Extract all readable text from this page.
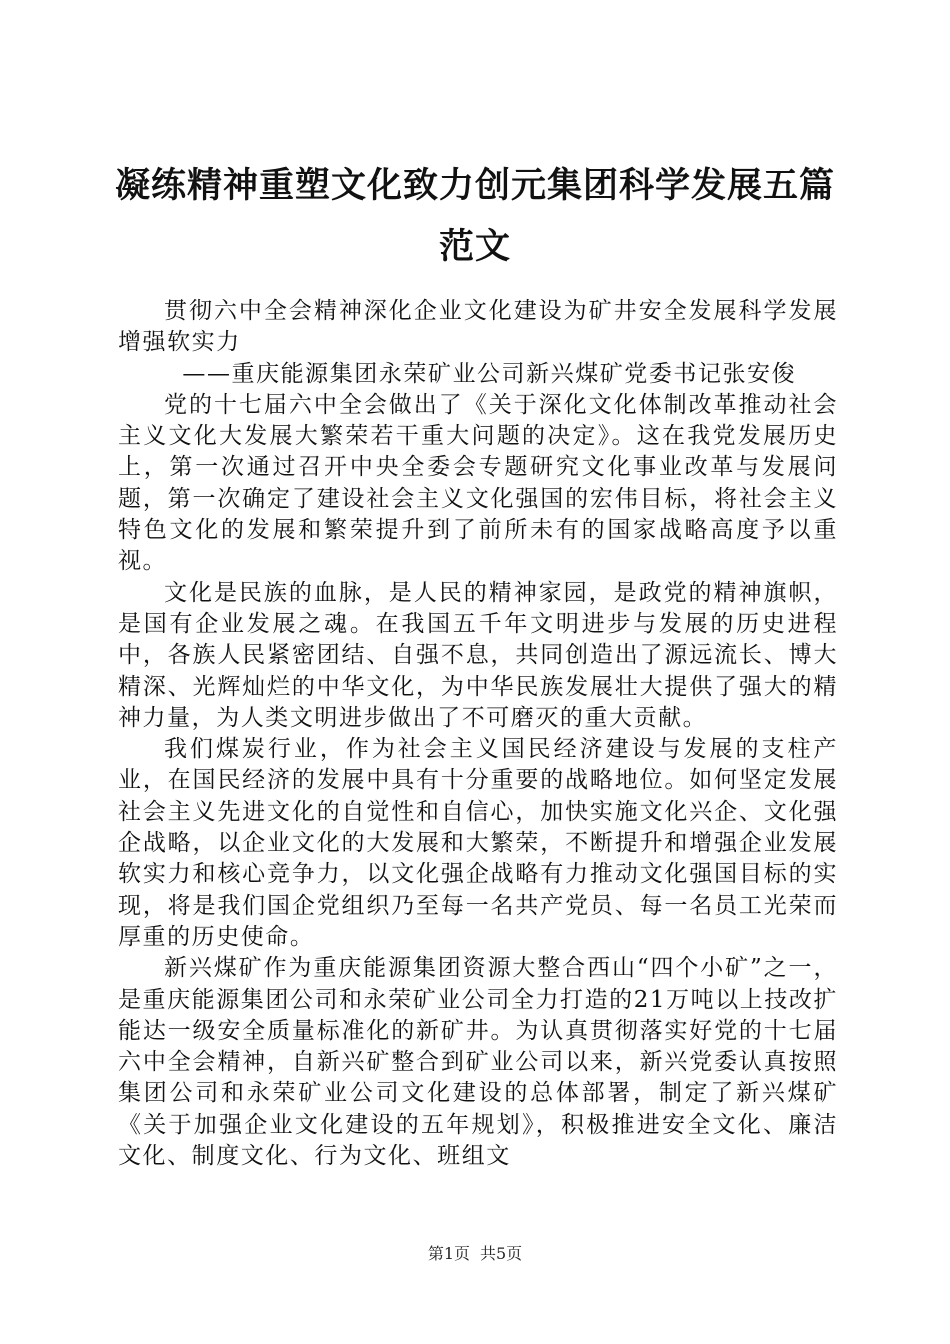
凝练精神重塑文化致力创元集团科学发展五篇
范文

贯彻六中全会精神深化企业文化建设为矿井安全发展科学发展增强软实力

——重庆能源集团永荣矿业公司新兴煤矿党委书记张安俊

党的十七届六中全会做出了《关于深化文化体制改革推动社会主义文化大发展大繁荣若干重大问题的决定》。这在我党发展历史上，第一次通过召开中央全委会专题研究文化事业改革与发展问题，第一次确定了建设社会主义文化强国的宏伟目标，将社会主义特色文化的发展和繁荣提升到了前所未有的国家战略高度予以重视。

文化是民族的血脉，是人民的精神家园，是政党的精神旗帜，是国有企业发展之魂。在我国五千年文明进步与发展的历史进程中，各族人民紧密团结、自强不息，共同创造出了源远流长、博大精深、光辉灿烂的中华文化，为中华民族发展壮大提供了强大的精神力量，为人类文明进步做出了不可磨灭的重大贡献。

我们煤炭行业，作为社会主义国民经济建设与发展的支柱产业，在国民经济的发展中具有十分重要的战略地位。如何坚定发展社会主义先进文化的自觉性和自信心，加快实施文化兴企、文化强企战略，以企业文化的大发展和大繁荣，不断提升和增强企业发展软实力和核心竞争力，以文化强企战略有力推动文化强国目标的实现，将是我们国企党组织乃至每一名共产党员、每一名员工光荣而厚重的历史使命。

新兴煤矿作为重庆能源集团资源大整合西山“四个小矿”之一，是重庆能源集团公司和永荣矿业公司全力打造的21万吨以上技改扩能达一级安全质量标准化的新矿井。为认真贯彻落实好党的十七届六中全会精神，自新兴矿整合到矿业公司以来，新兴党委认真按照集团公司和永荣矿业公司文化建设的总体部署，制定了新兴煤矿《关于加强企业文化建设的五年规划》，积极推进安全文化、廉洁文化、制度文化、行为文化、班组文

第1页 共5页
